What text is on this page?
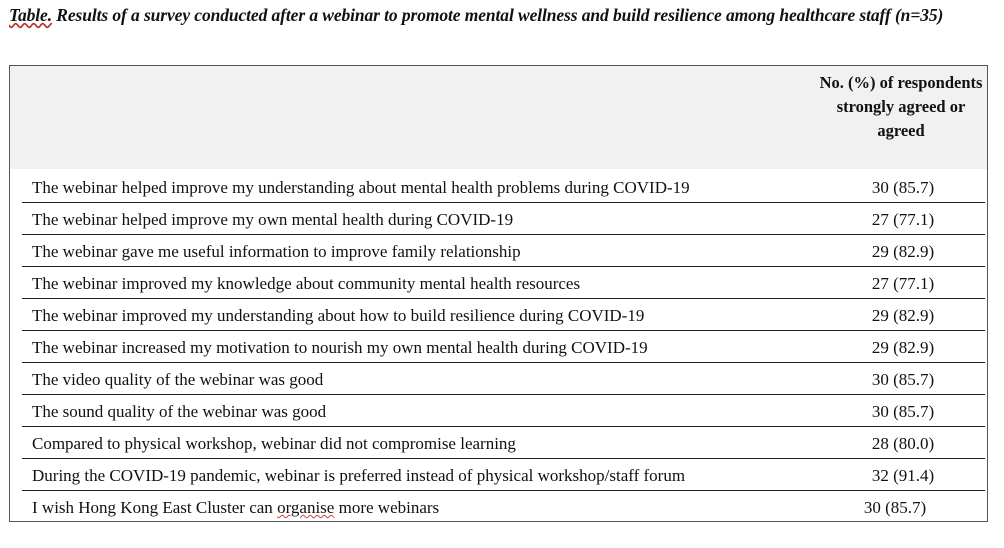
Table. Results of a survey conducted after a webinar to promote mental wellness and build resilience among healthcare staff (n=35)
No. (%) of respondents strongly agreed or agreed
The webinar helped improve my understanding about mental health problems during COVID-19	30 (85.7)
The webinar helped improve my own mental health during COVID-19	27 (77.1)
The webinar gave me useful information to improve family relationship	29 (82.9)
The webinar improved my knowledge about community mental health resources	27 (77.1)
The webinar improved my understanding about how to build resilience during COVID-19	29 (82.9)
The webinar increased my motivation to nourish my own mental health during COVID-19	29 (82.9)
The video quality of the webinar was good	30 (85.7)
The sound quality of the webinar was good	30 (85.7)
Compared to physical workshop, webinar did not compromise learning	28 (80.0)
During the COVID-19 pandemic, webinar is preferred instead of physical workshop/staff forum	32 (91.4)
I wish Hong Kong East Cluster can organise more webinars	30 (85.7)
